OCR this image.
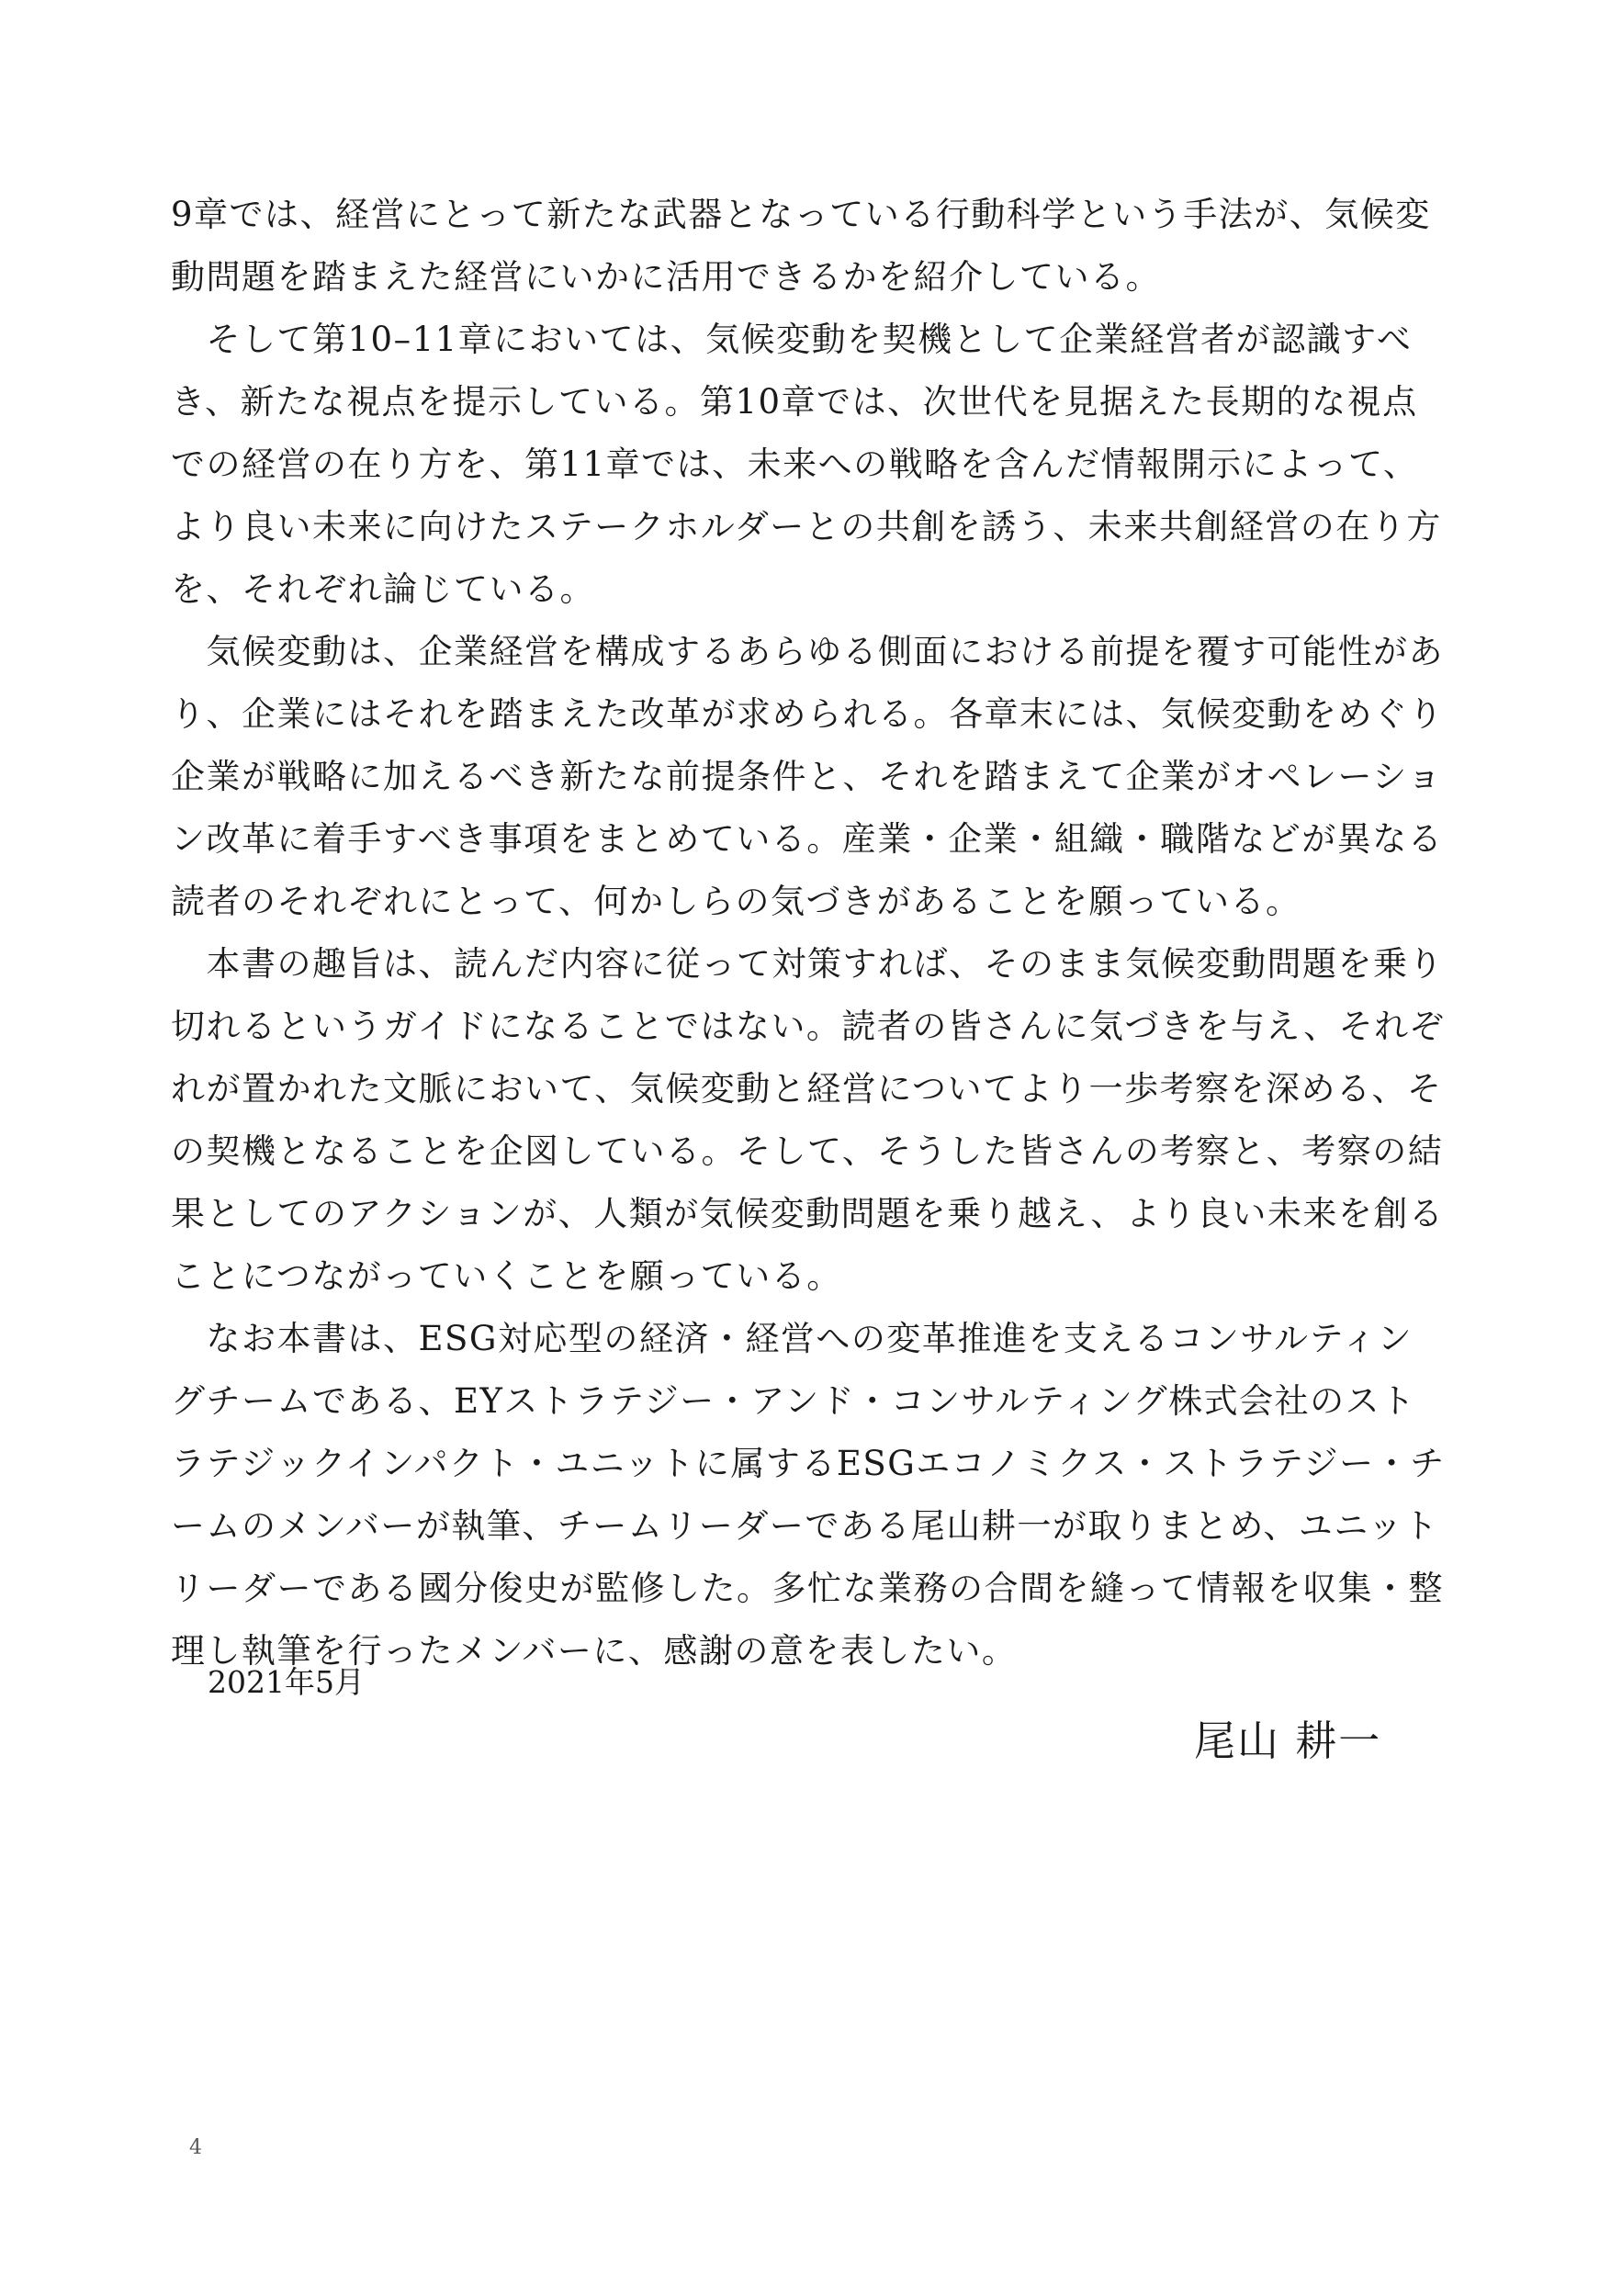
9章では、経営にとって新たな武器となっている行動科学という手法が、気候変
動問題を踏まえた経営にいかに活用できるかを紹介している。
　そして第10–11章においては、気候変動を契機として企業経営者が認識すべ
き、新たな視点を提示している。第10章では、次世代を見据えた長期的な視点
での経営の在り方を、第11章では、未来への戦略を含んだ情報開示によって、
より良い未来に向けたステークホルダーとの共創を誘う、未来共創経営の在り方
を、それぞれ論じている。
　気候変動は、企業経営を構成するあらゆる側面における前提を覆す可能性があ
り、企業にはそれを踏まえた改革が求められる。各章末には、気候変動をめぐり
企業が戦略に加えるべき新たな前提条件と、それを踏まえて企業がオペレーショ
ン改革に着手すべき事項をまとめている。産業・企業・組織・職階などが異なる
読者のそれぞれにとって、何かしらの気づきがあることを願っている。
　本書の趣旨は、読んだ内容に従って対策すれば、そのまま気候変動問題を乗り
切れるというガイドになることではない。読者の皆さんに気づきを与え、それぞ
れが置かれた文脈において、気候変動と経営についてより一歩考察を深める、そ
の契機となることを企図している。そして、そうした皆さんの考察と、考察の結
果としてのアクションが、人類が気候変動問題を乗り越え、より良い未来を創る
ことにつながっていくことを願っている。
　なお本書は、ESG対応型の経済・経営への変革推進を支えるコンサルティン
グチームである、EYストラテジー・アンド・コンサルティング株式会社のスト
ラテジックインパクト・ユニットに属するESGエコノミクス・ストラテジー・チ
ームのメンバーが執筆、チームリーダーである尾山耕一が取りまとめ、ユニット
リーダーである國分俊史が監修した。多忙な業務の合間を縫って情報を収集・整
理し執筆を行ったメンバーに、感謝の意を表したい。
2021年5月
尾山 耕一
4
